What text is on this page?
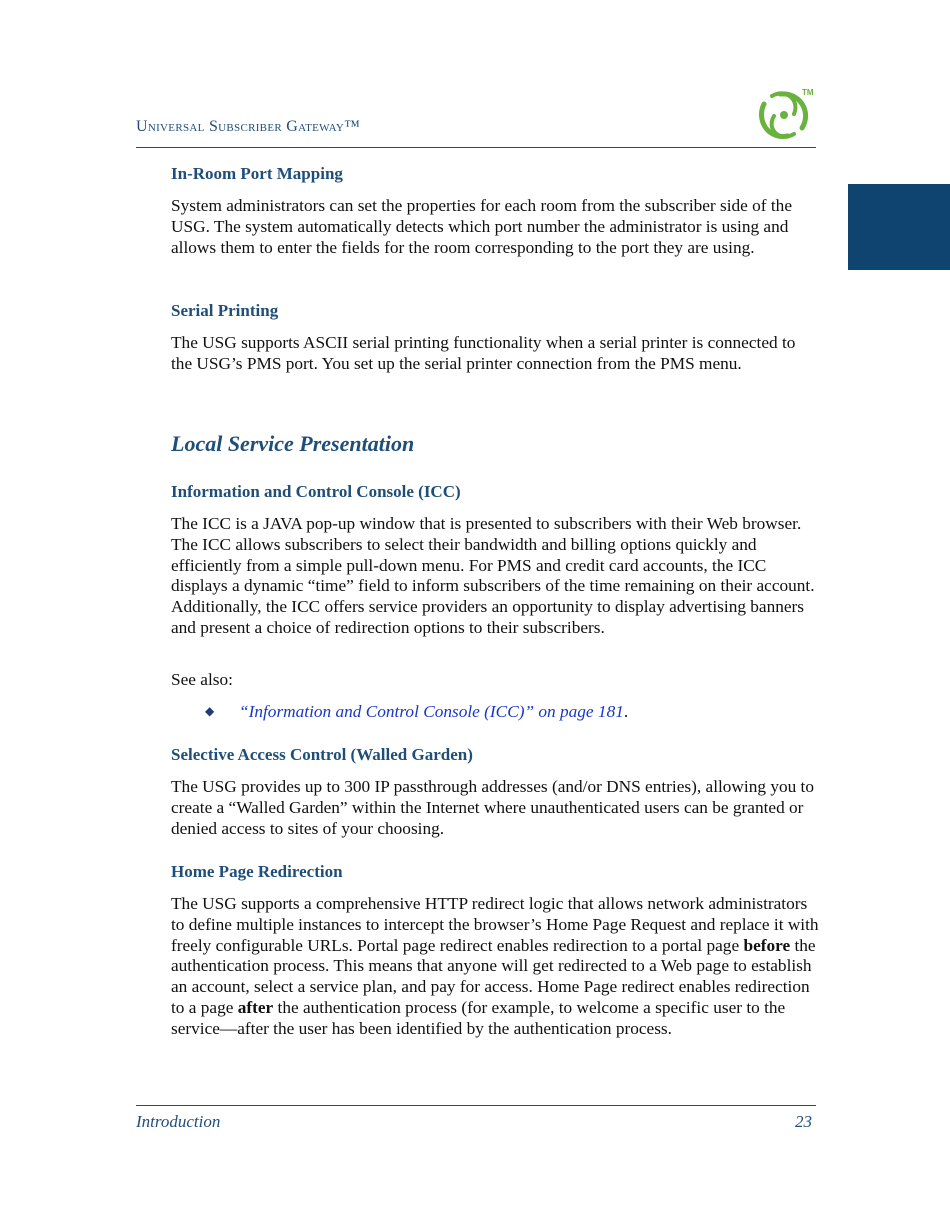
Universal Subscriber Gateway™
TM
In-Room Port Mapping

System administrators can set the properties for each room from the subscriber side of the USG. The system automatically detects which port number the administrator is using and allows them to enter the fields for the room corresponding to the port they are using.

Serial Printing

The USG supports ASCII serial printing functionality when a serial printer is connected to the USG’s PMS port. You set up the serial printer connection from the PMS menu.

Local Service Presentation
Information and Control Console (ICC)

The ICC is a JAVA pop-up window that is presented to subscribers with their Web browser. The ICC allows subscribers to select their bandwidth and billing options quickly and efficiently from a simple pull-down menu. For PMS and credit card accounts, the ICC displays a dynamic “time” field to inform subscribers of the time remaining on their account. Additionally, the ICC offers service providers an opportunity to display advertising banners and present a choice of redirection options to their subscribers.

See also:

◆ “Information and Control Console (ICC)” on page 181.
Selective Access Control (Walled Garden)

The USG provides up to 300 IP passthrough addresses (and/or DNS entries), allowing you to create a “Walled Garden” within the Internet where unauthenticated users can be granted or denied access to sites of your choosing.

Home Page Redirection

The USG supports a comprehensive HTTP redirect logic that allows network administrators to define multiple instances to intercept the browser’s Home Page Request and replace it with freely configurable URLs. Portal page redirect enables redirection to a portal page before the authentication process. This means that anyone will get redirected to a Web page to establish an account, select a service plan, and pay for access. Home Page redirect enables redirection to a page after the authentication process (for example, to welcome a specific user to the service—after the user has been identified by the authentication process.

Introduction	23
